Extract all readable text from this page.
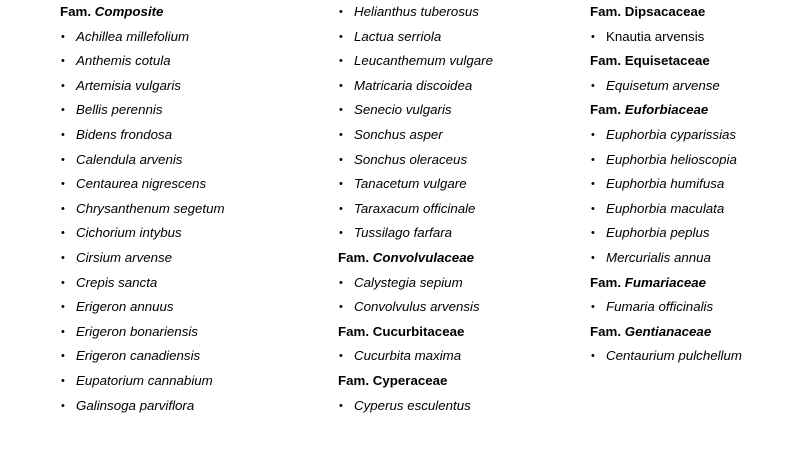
Fam. Composite
• Achillea millefolium
• Anthemis cotula
• Artemisia vulgaris
• Bellis perennis
• Bidens frondosa
• Calendula arvenis
• Centaurea nigrescens
• Chrysanthenum segetum
• Cichorium intybus
• Cirsium arvense
• Crepis sancta
• Erigeron annuus
• Erigeron bonariensis
• Erigeron canadiensis
• Eupatorium cannabium
• Galinsoga parviflora
• Helianthus tuberosus
• Lactua serriola
• Leucanthemum vulgare
• Matricaria discoidea
• Senecio vulgaris
• Sonchus asper
• Sonchus oleraceus
• Tanacetum vulgare
• Taraxacum officinale
• Tussilago farfara
Fam. Convolvulaceae
• Calystegia sepium
• Convolvulus arvensis
Fam. Cucurbitaceae
• Cucurbita maxima
Fam. Cyperaceae
• Cyperus esculentus
Fam. Dipsacaceae
• Knautia arvensis
Fam. Equisetaceae
• Equisetum arvense
Fam. Euforbiaceae
• Euphorbia cyparissias
• Euphorbia helioscopia
• Euphorbia humifusa
• Euphorbia maculata
• Euphorbia peplus
• Mercurialis annua
Fam. Fumariaceae
• Fumaria officinalis
Fam. Gentianaceae
• Centaurium pulchellum
